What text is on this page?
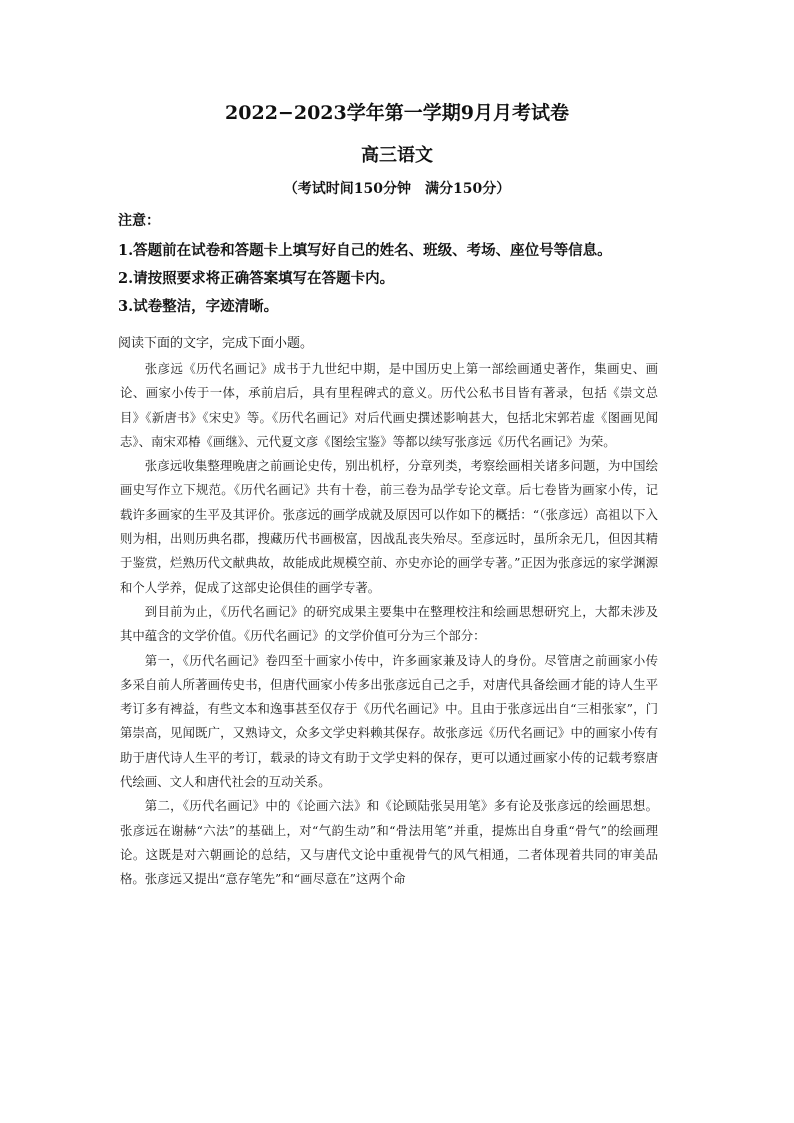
2022−2023学年第一学期9月月考试卷
高三语文
（考试时间150分钟　满分150分）

注意：

1.答题前在试卷和答题卡上填写好自己的姓名、班级、考场、座位号等信息。

2.请按照要求将正确答案填写在答题卡内。

3.试卷整洁，字迹清晰。

阅读下面的文字，完成下面小题。

张彦远《历代名画记》成书于九世纪中期，是中国历史上第一部绘画通史著作，集画史、画论、画家小传于一体，承前启后，具有里程碑式的意义。历代公私书目皆有著录，包括《崇文总目》《新唐书》《宋史》等。《历代名画记》对后代画史撰述影响甚大，包括北宋郭若虚《图画见闻志》、南宋邓椿《画继》、元代夏文彦《图绘宝鉴》等都以续写张彦远《历代名画记》为荣。

张彦远收集整理晚唐之前画论史传，别出机杼，分章列类，考察绘画相关诸多问题，为中国绘画史写作立下规范。《历代名画记》共有十卷，前三卷为品学专论文章。后七卷皆为画家小传，记载许多画家的生平及其评价。张彦远的画学成就及原因可以作如下的概括：“（张彦远）高祖以下入则为相，出则历典名郡，搜藏历代书画极富，因战乱丧失殆尽。至彦远时，虽所余无几，但因其精于鉴赏，烂熟历代文献典故，故能成此规模空前、亦史亦论的画学专著。”正因为张彦远的家学渊源和个人学养，促成了这部史论俱佳的画学专著。

到目前为止，《历代名画记》的研究成果主要集中在整理校注和绘画思想研究上，大都未涉及其中蕴含的文学价值。《历代名画记》的文学价值可分为三个部分：

第一，《历代名画记》卷四至十画家小传中，许多画家兼及诗人的身份。尽管唐之前画家小传多采自前人所著画传史书，但唐代画家小传多出张彦远自己之手，对唐代具备绘画才能的诗人生平考订多有裨益，有些文本和逸事甚至仅存于《历代名画记》中。且由于张彦远出自“三相张家”，门第崇高，见闻既广，又熟诗文，众多文学史料赖其保存。故张彦远《历代名画记》中的画家小传有助于唐代诗人生平的考订，载录的诗文有助于文学史料的保存，更可以通过画家小传的记载考察唐代绘画、文人和唐代社会的互动关系。

第二，《历代名画记》中的《论画六法》和《论顾陆张吴用笔》多有论及张彦远的绘画思想。张彦远在谢赫“六法”的基础上，对“气韵生动”和“骨法用笔”并重，提炼出自身重“骨气”的绘画理论。这既是对六朝画论的总结，又与唐代文论中重视骨气的风气相通，二者体现着共同的审美品格。张彦远又提出“意存笔先”和“画尽意在”这两个命
